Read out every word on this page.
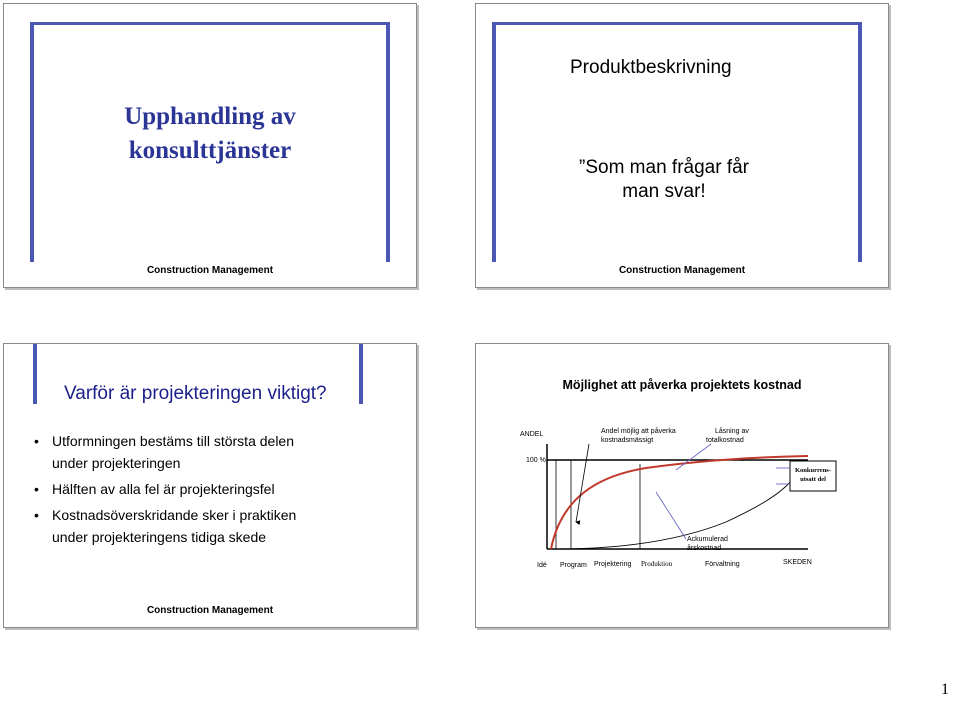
Upphandling av
konsulttjänster
Construction Management
Produktbeskrivning
”Som man frågar får
man svar!
Construction Management
Varför är projekteringen viktigt?
• Utformningen bestäms till största delen
under projekteringen
• Hälften av alla fel är projekteringsfel
• Kostnadsöverskridande sker i praktiken
under projekteringens tidiga skede
Construction Management
Möjlighet att påverka projektets kostnad
ANDEL
100 %
Andel möjlig att påverka
kostnadsmässigt
Låsning av
totalkostnad
Ackumulerad
årskostnad
Konkurrens-
utsatt del
Idé Program Projektering Produktion	Förvaltning	SKEDEN
1
